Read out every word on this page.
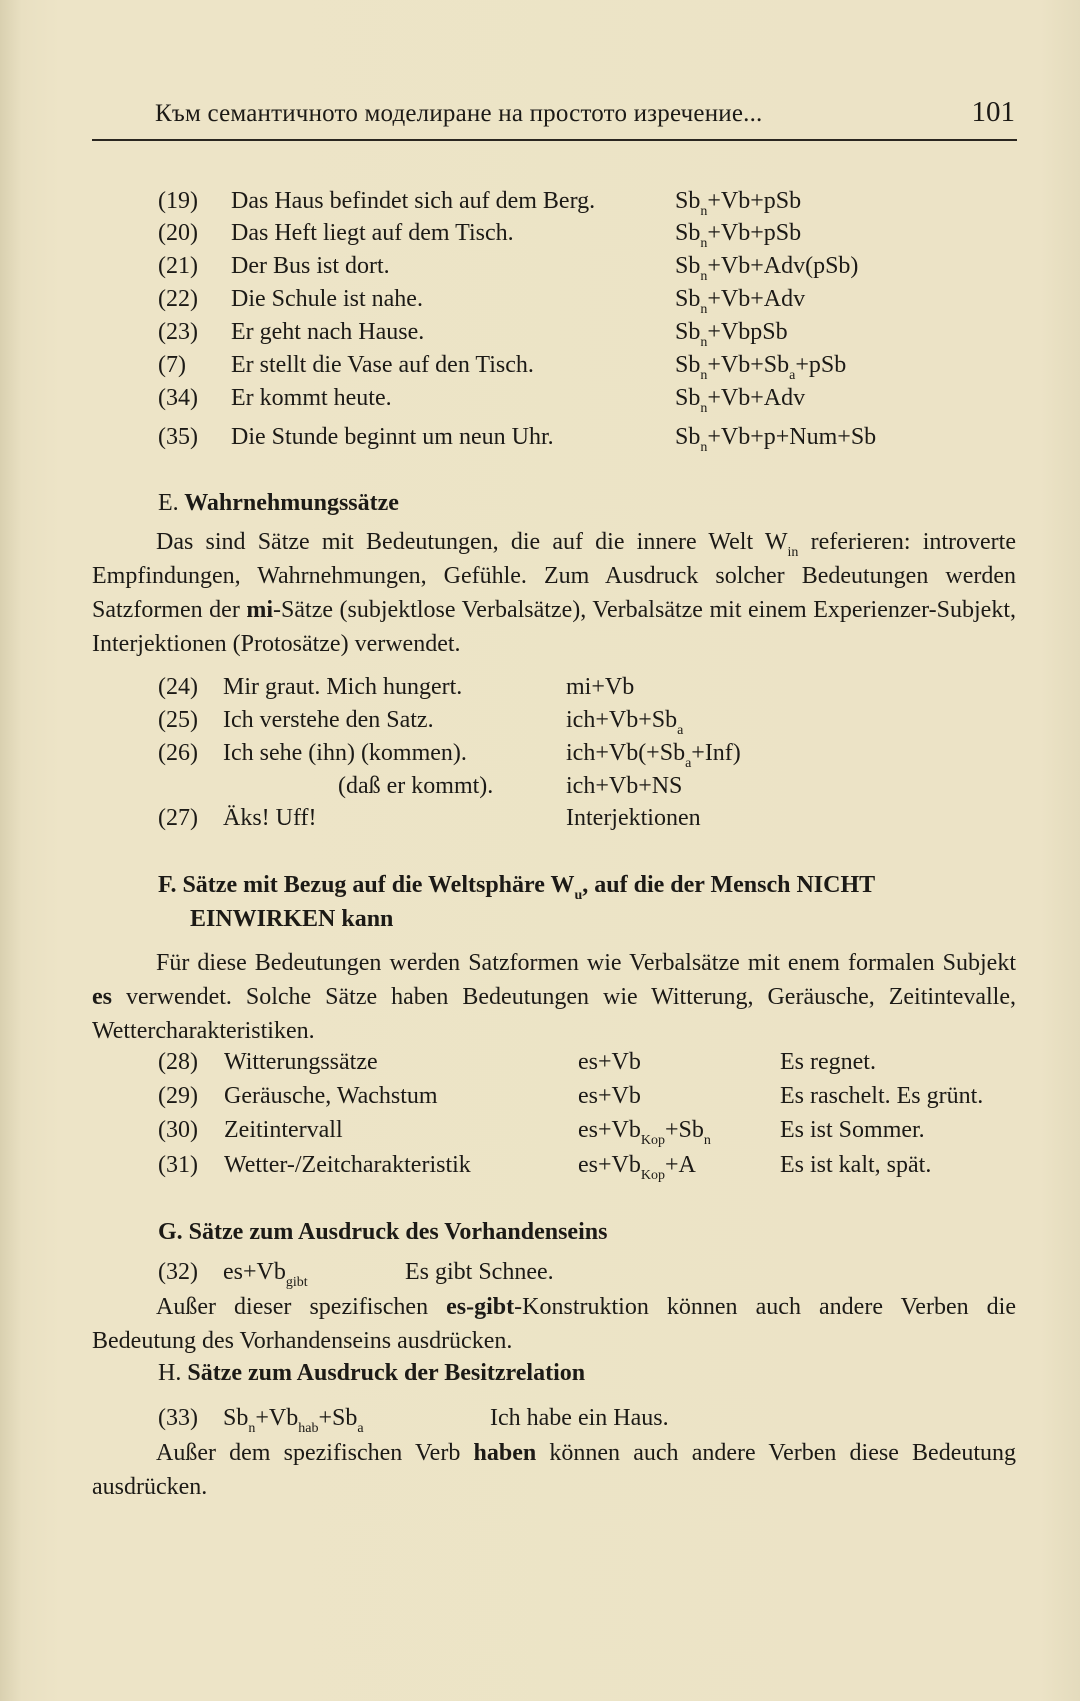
Към семантичното моделиране на простото изречение...	101
(19) Das Haus befindet sich auf dem Berg.	$Sb_n+Vb+pSb$
(20) Das Heft liegt auf dem Tisch.	$Sb_n+Vb+pSb$
(21) Der Bus ist dort.	$Sb_n+Vb+Adv(pSb)$
(22) Die Schule ist nahe.	$Sb_n+Vb+Adv$
(23) Er geht nach Hause.	$Sb_n+VbpSb$
(7) Er stellt die Vase auf den Tisch.	$Sb_n+Vb+Sb_a+pSb$
(34) Er kommt heute.	$Sb_n+Vb+Adv$
(35) Die Stunde beginnt um neun Uhr.	$Sb_n+Vb+p+Num+Sb$
E. Wahrnehmungssätze

Das sind Sätze mit Bedeutungen, die auf die innere Welt $W_{in}$ referieren: introverte Empfindungen, Wahrnehmungen, Gefühle. Zum Ausdruck solcher Bedeutungen werden Satzformen der mi-Sätze (subjektlose Verbalsätze), Verbalsätze mit einem Experienzer-Subjekt, Interjektionen (Protosätze) verwendet.

(24) Mir graut. Mich hungert.	mi+Vb
(25) Ich verstehe den Satz.	$ich+Vb+Sb_a$
(26) Ich sehe (ihn) (kommen).	$ich+Vb(+Sb_a+Inf)$
(daß er kommt).	ich+Vb+NS
(27) Äks! Uff!	Interjektionen
F. Sätze mit Bezug auf die Weltsphäre $W_u$, auf die der Mensch NICHT
EINWIRKEN kann

Für diese Bedeutungen werden Satzformen wie Verbalsätze mit enem formalen Subjekt es verwendet. Solche Sätze haben Bedeutungen wie Witterung, Geräusche, Zeitintevalle, Wettercharakteristiken.

(28) Witterungssätze	es+Vb	Es regnet.
(29) Geräusche, Wachstum	es+Vb	Es raschelt. Es grünt.
(30) Zeitintervall	$es+Vb_{Kop}+Sb_n$	Es ist Sommer.
(31) Wetter-/Zeitcharakteristik	$es+Vb_{Kop}+A$	Es ist kalt, spät.
G. Sätze zum Ausdruck des Vorhandenseins
(32) $es+Vb_{gibt}$	Es gibt Schnee.

Außer dieser spezifischen es-gibt-Konstruktion können auch andere Verben die Bedeutung des Vorhandenseins ausdrücken.

H. Sätze zum Ausdruck der Besitzrelation
(33) $Sb_n+Vb_{hab}+Sb_a$	Ich habe ein Haus.

Außer dem spezifischen Verb haben können auch andere Verben diese Bedeutung ausdrücken.
